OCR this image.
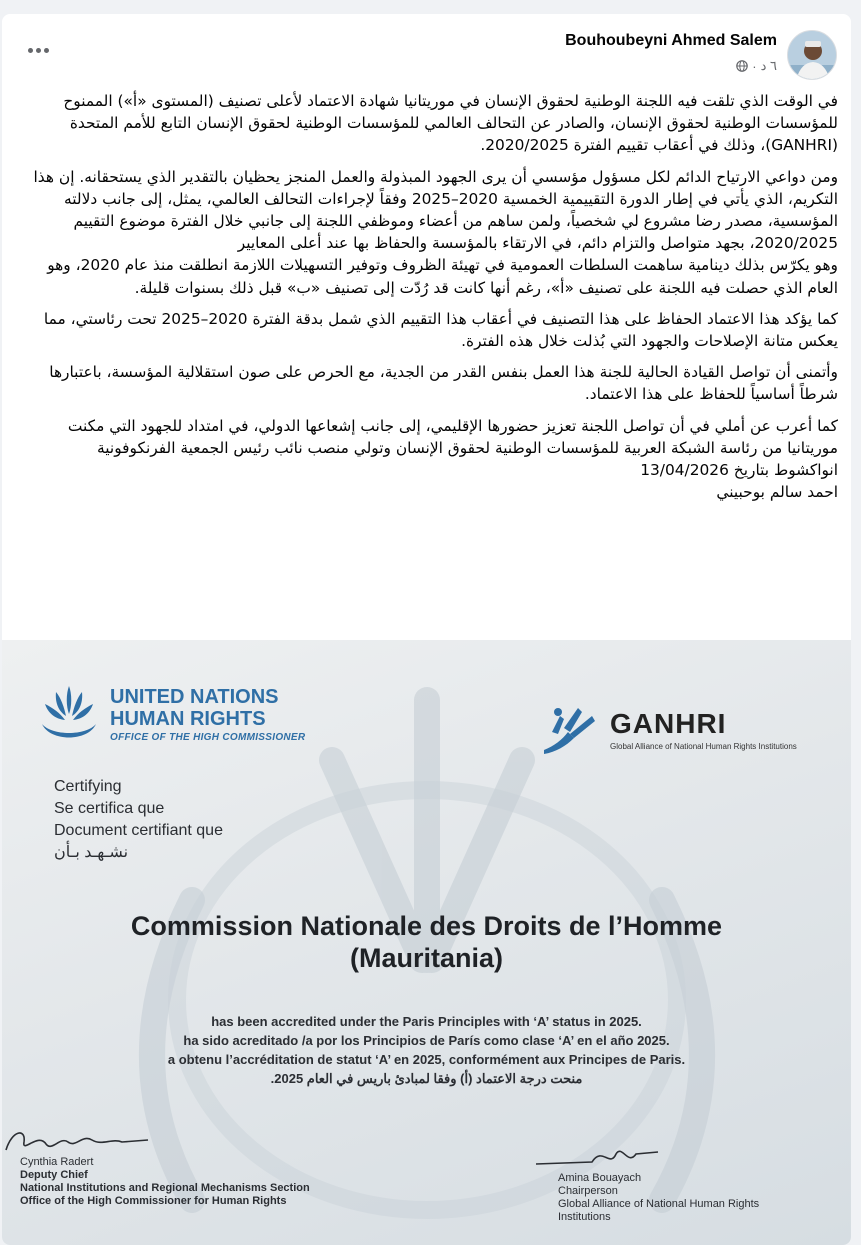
Bouhoubeyni Ahmed Salem
٦ د
·

في الوقت الذي تلقت فيه اللجنة الوطنية لحقوق الإنسان في موريتانيا شهادة الاعتماد لأعلى تصنيف (المستوى «أ») الممنوح للمؤسسات الوطنية لحقوق الإنسان، والصادر عن التحالف العالمي للمؤسسات الوطنية لحقوق الإنسان التابع للأمم المتحدة (GANHRI)، وذلك في أعقاب تقييم الفترة 2020/2025.

ومن دواعي الارتياح الدائم لكل مسؤول مؤسسي أن يرى الجهود المبذولة والعمل المنجز يحظيان بالتقدير الذي يستحقانه. إن هذا التكريم، الذي يأتي في إطار الدورة التقييمية الخمسية 2020–2025 وفقاً لإجراءات التحالف العالمي، يمثل، إلى جانب دلالته المؤسسية، مصدر رضا مشروع لي شخصياً، ولمن ساهم من أعضاء وموظفي اللجنة إلى جانبي خلال الفترة موضوع التقييم 2020/2025، بجهد متواصل والتزام دائم، في الارتقاء بالمؤسسة والحفاظ بها عند أعلى المعايير

وهو يكرّس بذلك دينامية ساهمت السلطات العمومية في تهيئة الظروف وتوفير التسهيلات اللازمة انطلقت منذ عام 2020، وهو العام الذي حصلت فيه اللجنة على تصنيف «أ»، رغم أنها كانت قد رُدّت إلى تصنيف «ب» قبل ذلك بسنوات قليلة.

كما يؤكد هذا الاعتماد الحفاظ على هذا التصنيف في أعقاب هذا التقييم الذي شمل بدقة الفترة 2020–2025 تحت رئاستي، مما يعكس متانة الإصلاحات والجهود التي بُذلت خلال هذه الفترة.

وأتمنى أن تواصل القيادة الحالية للجنة هذا العمل بنفس القدر من الجدية، مع الحرص على صون استقلالية المؤسسة، باعتبارها شرطاً أساسياً للحفاظ على هذا الاعتماد.

كما أعرب عن أملي في أن تواصل اللجنة تعزيز حضورها الإقليمي، إلى جانب إشعاعها الدولي، في امتداد للجهود التي مكنت موريتانيا من رئاسة الشبكة العربية للمؤسسات الوطنية لحقوق الإنسان وتولي منصب نائب رئيس الجمعية الفرنكوفونية

انواكشوط بتاريخ 13/04/2026

احمد سالم بوحبيني

UNITED NATIONS
HUMAN RIGHTS
OFFICE OF THE HIGH COMMISSIONER	GANHRI
Global Alliance of National Human Rights Institutions
Certifying
Se certifica que
Document certifiant que
نشـهـد بـأن
Commission Nationale des Droits de l’Homme
(Mauritania)
has been accredited under the Paris Principles with ‘A’ status in 2025.
ha sido acreditado /a por los Principios de París como clase ‘A’ en el año 2025.
a obtenu l’accréditation de statut ‘A’ en 2025, conformément aux Principes de Paris.
منحت درجة الاعتماد (أ) وفقا لمبادئ باريس في العام 2025.
Cynthia Radert
Deputy Chief
National Institutions and Regional Mechanisms Section
Office of the High Commissioner for Human Rights
Amina Bouayach
Chairperson
Global Alliance of National Human Rights
Institutions
